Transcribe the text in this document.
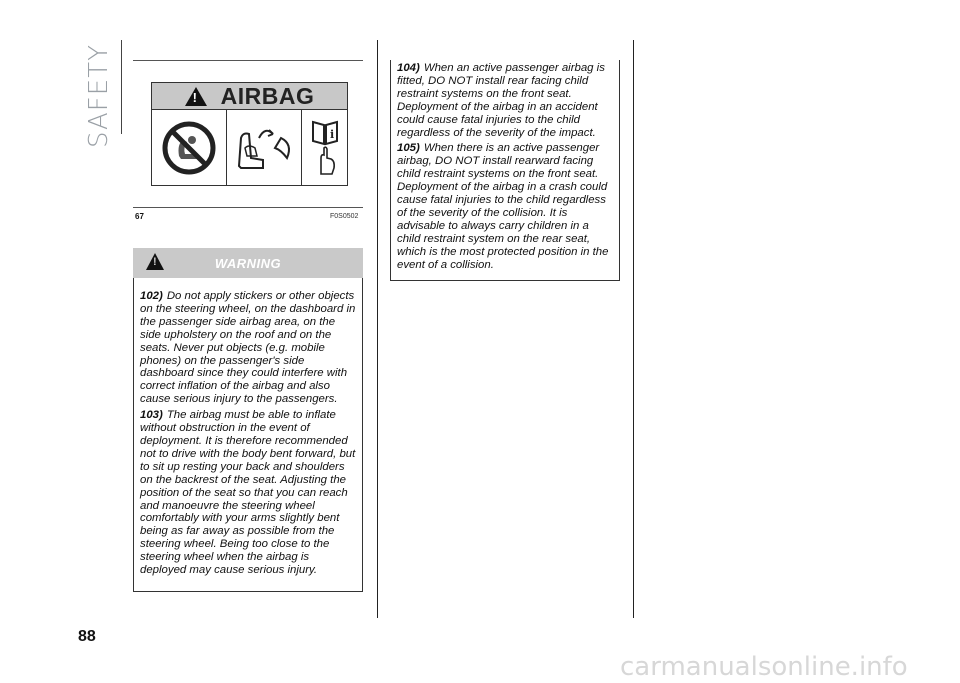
SAFETY
!	AIRBAG
i
67	F0S0502
!
WARNING

102) Do not apply stickers or other objects on the steering wheel, on the dashboard in the passenger side airbag area, on the side upholstery on the roof and on the seats. Never put objects (e.g. mobile phones) on the passenger's side dashboard since they could interfere with correct inflation of the airbag and also cause serious injury to the passengers.

103) The airbag must be able to inflate without obstruction in the event of deployment. It is therefore recommended not to drive with the body bent forward, but to sit up resting your back and shoulders on the backrest of the seat. Adjusting the position of the seat so that you can reach and manoeuvre the steering wheel comfortably with your arms slightly bent being as far away as possible from the steering wheel. Being too close to the steering wheel when the airbag is deployed may cause serious injury.

104) When an active passenger airbag is fitted, DO NOT install rear facing child restraint systems on the front seat. Deployment of the airbag in an accident could cause fatal injuries to the child regardless of the severity of the impact.

105) When there is an active passenger airbag, DO NOT install rearward facing child restraint systems on the front seat. Deployment of the airbag in a crash could cause fatal injuries to the child regardless of the severity of the collision. It is advisable to always carry children in a child restraint system on the rear seat, which is the most protected position in the event of a collision.

88
carmanualsonline.info
